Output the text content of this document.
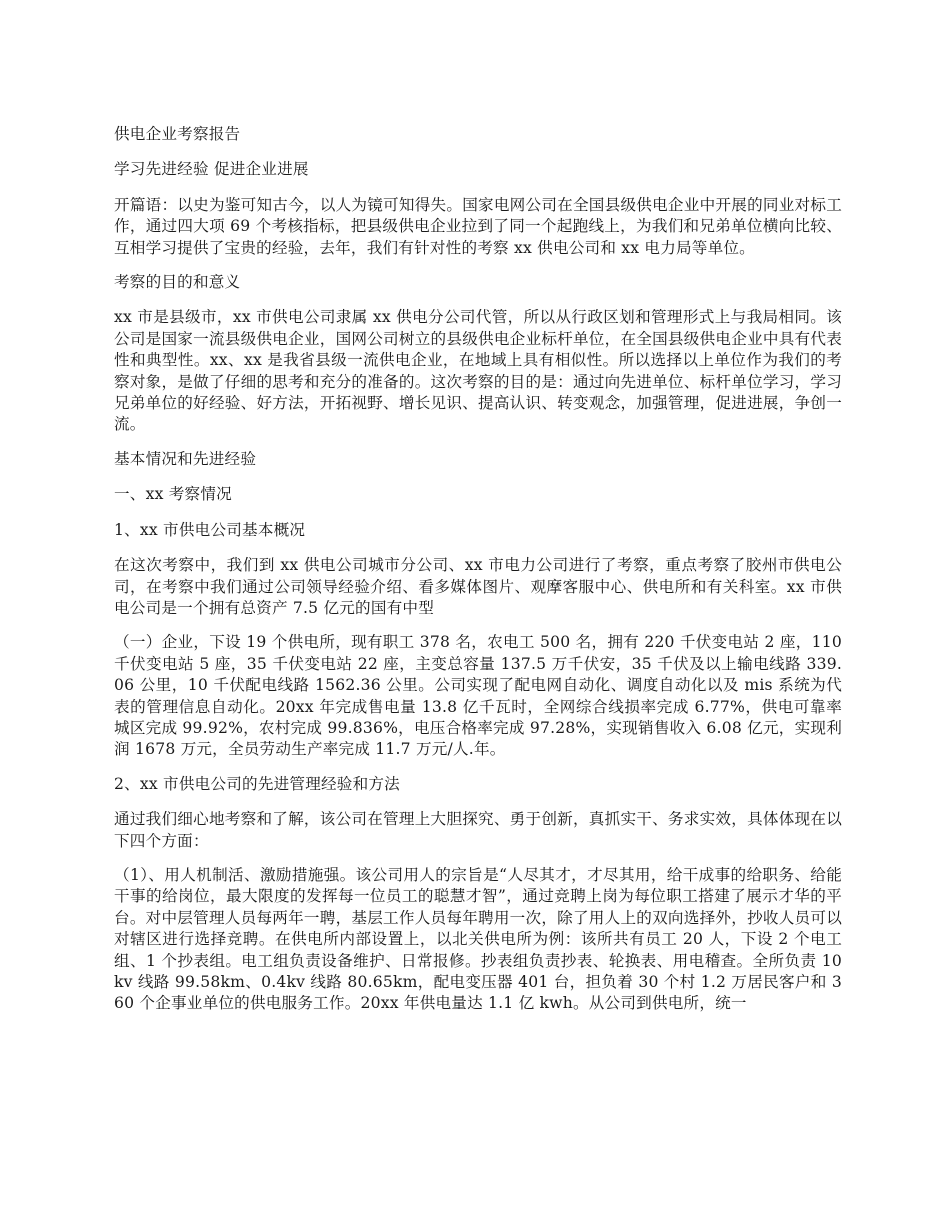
供电企业考察报告

学习先进经验 促进企业进展

开篇语：以史为鉴可知古今，以人为镜可知得失。国家电网公司在全国县级供电企业中开展的同业对标工作，通过四大项 69 个考核指标，把县级供电企业拉到了同一个起跑线上，为我们和兄弟单位横向比较、互相学习提供了宝贵的经验，去年，我们有针对性的考察 xx 供电公司和 xx 电力局等单位。

考察的目的和意义

xx 市是县级市，xx 市供电公司隶属 xx 供电分公司代管，所以从行政区划和管理形式上与我局相同。该公司是国家一流县级供电企业，国网公司树立的县级供电企业标杆单位，在全国县级供电企业中具有代表性和典型性。xx、xx 是我省县级一流供电企业，在地域上具有相似性。所以选择以上单位作为我们的考察对象，是做了仔细的思考和充分的准备的。这次考察的目的是：通过向先进单位、标杆单位学习，学习兄弟单位的好经验、好方法，开拓视野、增长见识、提高认识、转变观念，加强管理，促进进展，争创一流。

基本情况和先进经验

一、xx 考察情况

1、xx 市供电公司基本概况

在这次考察中，我们到 xx 供电公司城市分公司、xx 市电力公司进行了考察，重点考察了胶州市供电公司，在考察中我们通过公司领导经验介绍、看多媒体图片、观摩客服中心、供电所和有关科室。xx 市供电公司是一个拥有总资产 7.5 亿元的国有中型

（一）企业，下设 19 个供电所，现有职工 378 名，农电工 500 名，拥有 220 千伏变电站 2 座，110 千伏变电站 5 座，35 千伏变电站 22 座，主变总容量 137.5 万千伏安，35 千伏及以上输电线路 339.06 公里，10 千伏配电线路 1562.36 公里。公司实现了配电网自动化、调度自动化以及 mis 系统为代表的管理信息自动化。20xx 年完成售电量 13.8 亿千瓦时，全网综合线损率完成 6.77%，供电可靠率城区完成 99.92%，农村完成 99.836%，电压合格率完成 97.28%，实现销售收入 6.08 亿元，实现利润 1678 万元，全员劳动生产率完成 11.7 万元/人.年。

2、xx 市供电公司的先进管理经验和方法

通过我们细心地考察和了解，该公司在管理上大胆探究、勇于创新，真抓实干、务求实效，具体体现在以下四个方面：

（1）、用人机制活、激励措施强。该公司用人的宗旨是“人尽其才，才尽其用，给干成事的给职务、给能干事的给岗位，最大限度的发挥每一位员工的聪慧才智”，通过竞聘上岗为每位职工搭建了展示才华的平台。对中层管理人员每两年一聘，基层工作人员每年聘用一次，除了用人上的双向选择外，抄收人员可以对辖区进行选择竞聘。在供电所内部设置上，以北关供电所为例：该所共有员工 20 人，下设 2 个电工组、1 个抄表组。电工组负责设备维护、日常报修。抄表组负责抄表、轮换表、用电稽查。全所负责 10kv 线路 99.58km、0.4kv 线路 80.65km，配电变压器 401 台，担负着 30 个村 1.2 万居民客户和 360 个企事业单位的供电服务工作。20xx 年供电量达 1.1 亿 kwh。从公司到供电所，统一
